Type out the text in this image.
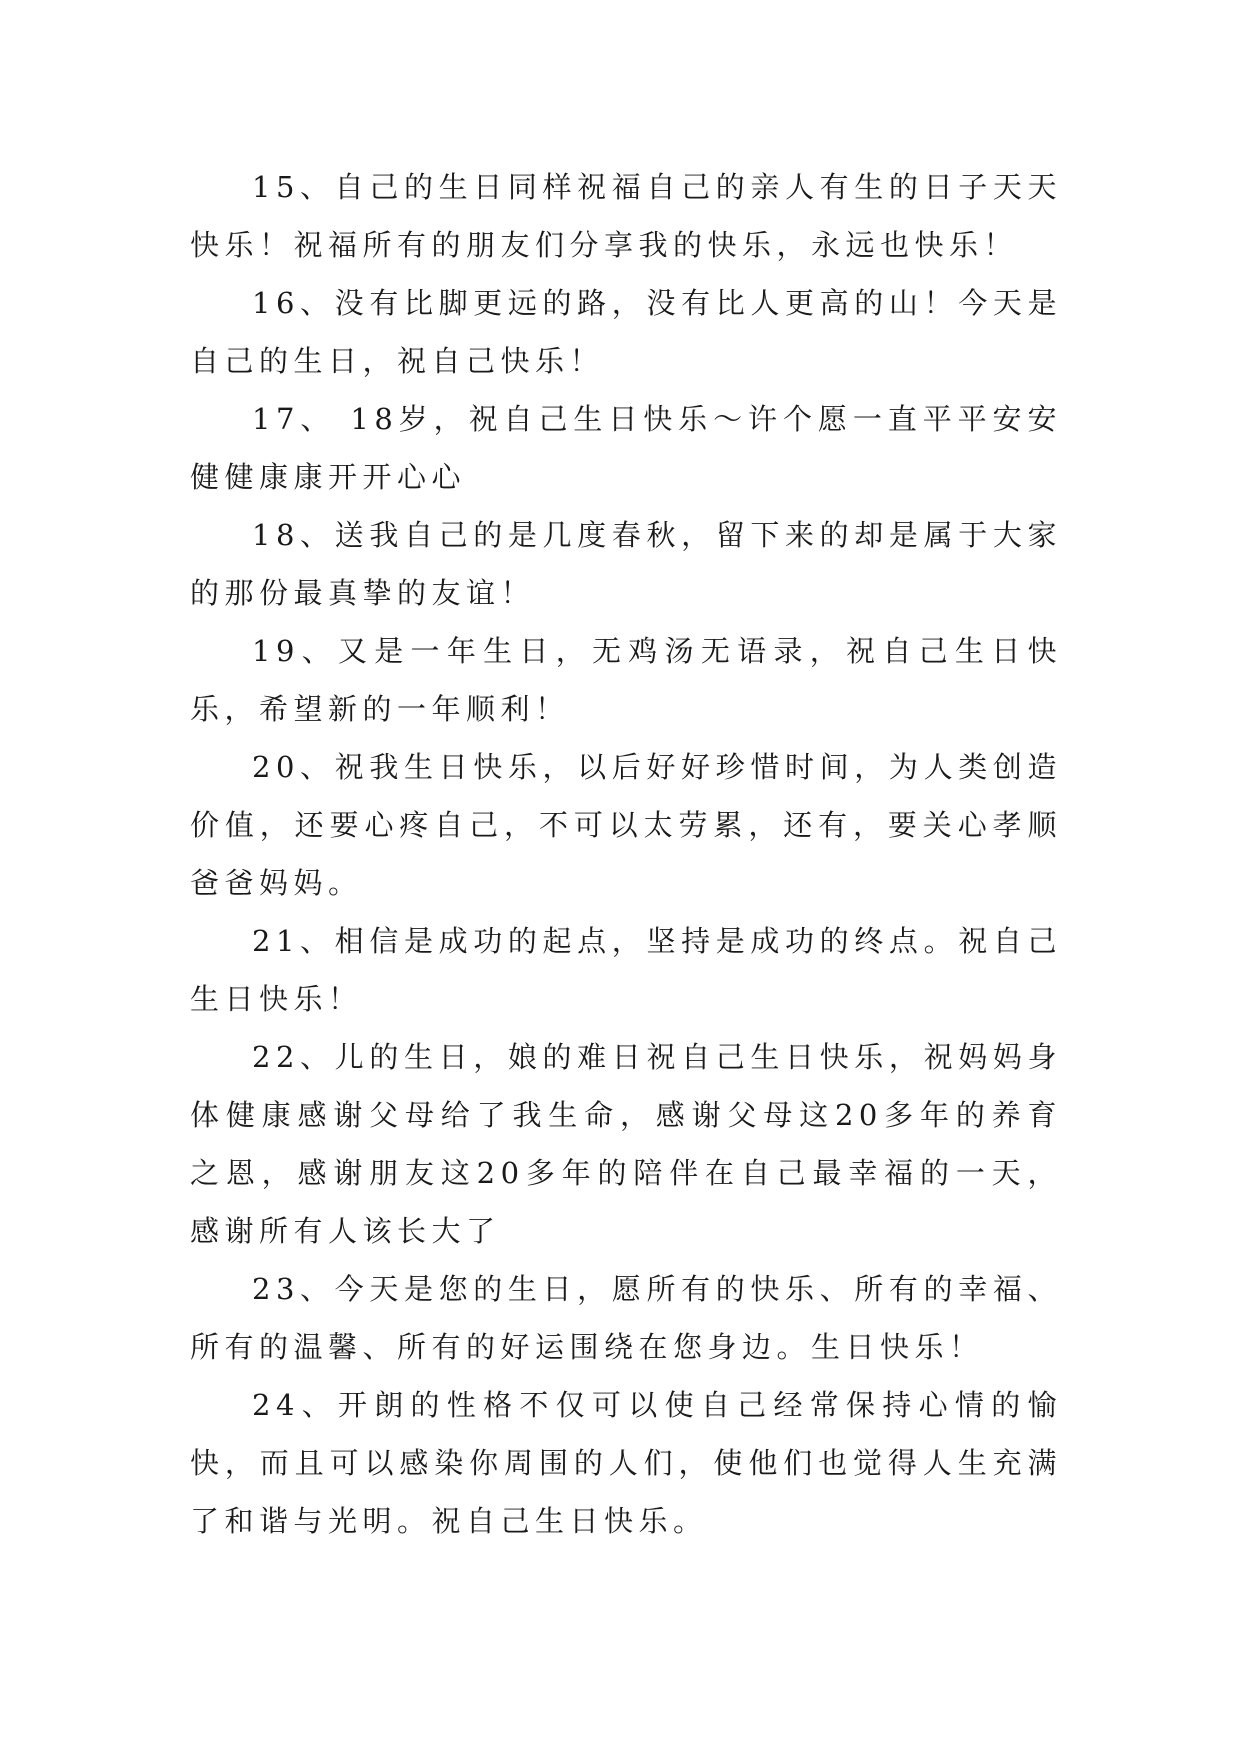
15、自己的生日同样祝福自己的亲人有生的日子天天快乐！祝福所有的朋友们分享我的快乐，永远也快乐！

16、没有比脚更远的路，没有比人更高的山！今天是自己的生日，祝自己快乐！

17、 18岁，祝自己生日快乐～许个愿一直平平安安健健康康开开心心

18、送我自己的是几度春秋，留下来的却是属于大家的那份最真挚的友谊！

19、又是一年生日，无鸡汤无语录，祝自己生日快乐，希望新的一年顺利！

20、祝我生日快乐，以后好好珍惜时间，为人类创造价值，还要心疼自己，不可以太劳累，还有，要关心孝顺爸爸妈妈。

21、相信是成功的起点，坚持是成功的终点。祝自己生日快乐！

22、儿的生日，娘的难日祝自己生日快乐，祝妈妈身体健康感谢父母给了我生命，感谢父母这20多年的养育之恩，感谢朋友这20多年的陪伴在自己最幸福的一天，感谢所有人该长大了

23、今天是您的生日，愿所有的快乐、所有的幸福、所有的温馨、所有的好运围绕在您身边。生日快乐！

24、开朗的性格不仅可以使自己经常保持心情的愉快，而且可以感染你周围的人们，使他们也觉得人生充满了和谐与光明。祝自己生日快乐。
